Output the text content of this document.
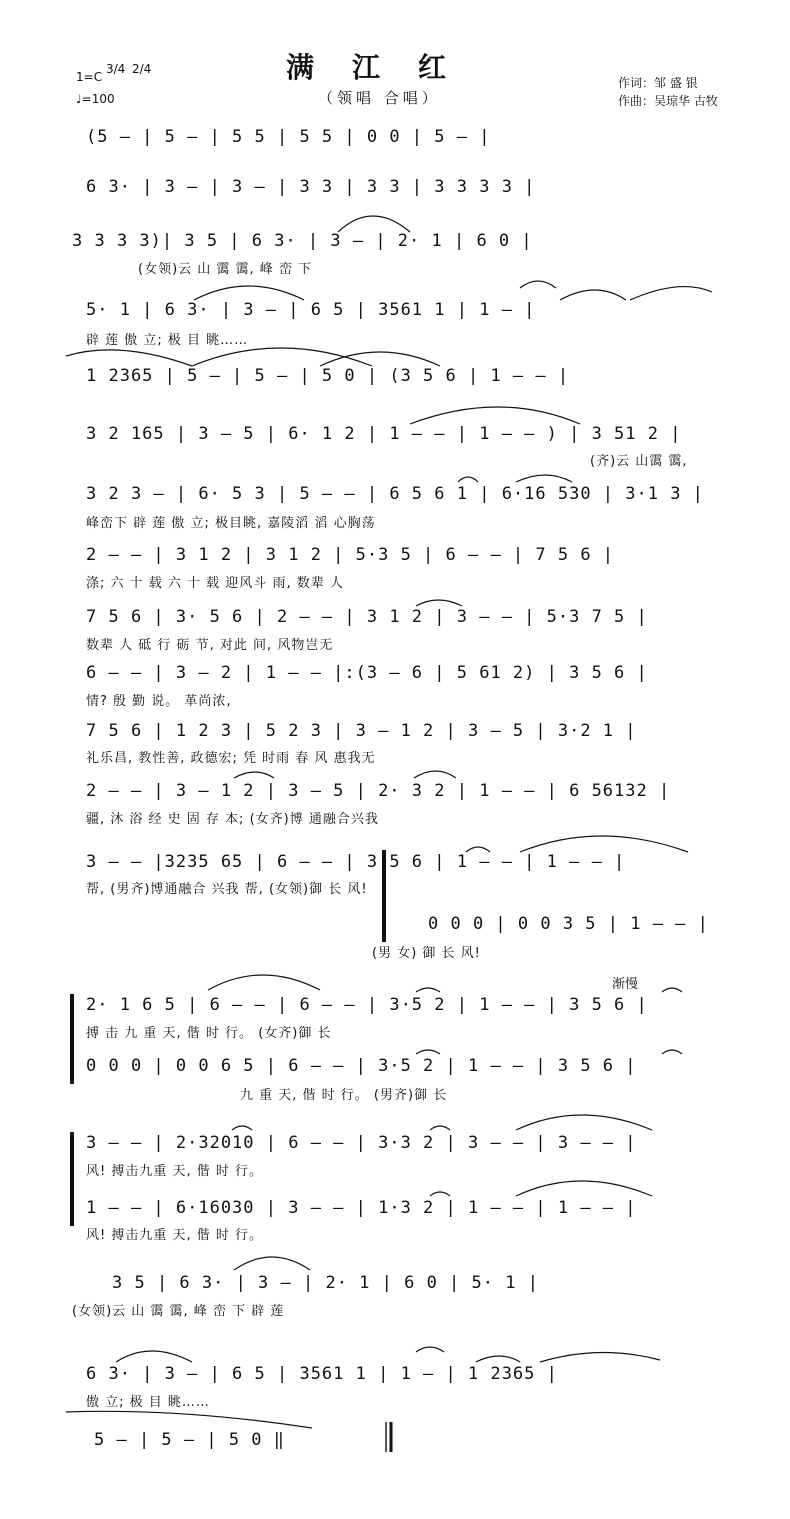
满江红
（领唱 合唱）
1=C
3/4 2/4
♩=100
作词：邹 盛 银
作曲：吴琼华 古牧
(5 – | 5 – | 5 5 | 5 5 | 0 0 | 5 – |
6 3· | 3 – | 3 – | 3 3 | 3 3 | 3 3 3 3 |
3 3 3 3)| 3 5 | 6 3· | 3 – | 2· 1 | 6 0 |
(女领)云 山 霭 霭, 峰 峦 下
5· 1 | 6 3· | 3 – | 6 5 | 3561 1 | 1 – |
辟 莲 傲 立; 极 目 眺……
1 2365 | 5 – | 5 – | 5 0 | (3 5 6 | 1 – – |
3 2 165 | 3 – 5 | 6· 1 2 | 1 – – | 1 – – ) | 3 51 2 |
(齐)云 山霭 霭,
3 2 3 – | 6· 5 3 | 5 – – | 6 5 6 1 | 6·16 530 | 3·1 3 |
峰峦下 辟 莲 傲 立; 极目眺, 嘉陵滔 滔 心胸荡
2 – – | 3 1 2 | 3 1 2 | 5·3 5 | 6 – – | 7 5 6 |
涤; 六 十 载 六 十 载 迎风斗 雨, 数辈 人
7 5 6 | 3· 5 6 | 2 – – | 3 1 2 | 3 – – | 5·3 7 5 |
数辈 人 砥 行 砺 节, 对此 间, 风物岂无
6 – – | 3 – 2 | 1 – – |:(3 – 6 | 5 61 2) | 3 5 6 |
情? 殷 勤 说。 革尚浓,
7 5 6 | 1 2 3 | 5 2 3 | 3 – 1 2 | 3 – 5 | 3·2 1 |
礼乐昌, 教性善, 政德宏; 凭 时雨 春 风 惠我无
2 – – | 3 – 1 2 | 3 – 5 | 2· 3 2 | 1 – – | 6 56132 |
疆, 沐 浴 经 史 固 存 本; (女齐)博 通融合兴我
3 – – |3235 65 | 6 – – | 3 5 6 | 1 – – | 1 – – |
帮, (男齐)博通融合 兴我 帮, (女领)御 长 风!
0 0 0 | 0 0 3 5 | 1 – – |
(男 女) 御 长 风!
渐慢
2· 1 6 5 | 6 – – | 6 – – | 3·5 2 | 1 – – | 3 5 6 |
搏 击 九 重 天, 偕 时 行。 (女齐)御 长
0 0 0 | 0 0 6 5 | 6 – – | 3·5 2 | 1 – – | 3 5 6 |
九 重 天, 偕 时 行。 (男齐)御 长
3 – – | 2·32010 | 6 – – | 3·3 2 | 3 – – | 3 – – |
风! 搏击九重 天, 偕 时 行。
1 – – | 6·16030 | 3 – – | 1·3 2 | 1 – – | 1 – – |
风! 搏击九重 天, 偕 时 行。
3 5 | 6 3· | 3 – | 2· 1 | 6 0 | 5· 1 |
(女领)云 山 霭 霭, 峰 峦 下 辟 莲
6 3· | 3 – | 6 5 | 3561 1 | 1 – | 1 2365 |
傲 立; 极 目 眺……
5 – | 5 – | 5 0 ‖
